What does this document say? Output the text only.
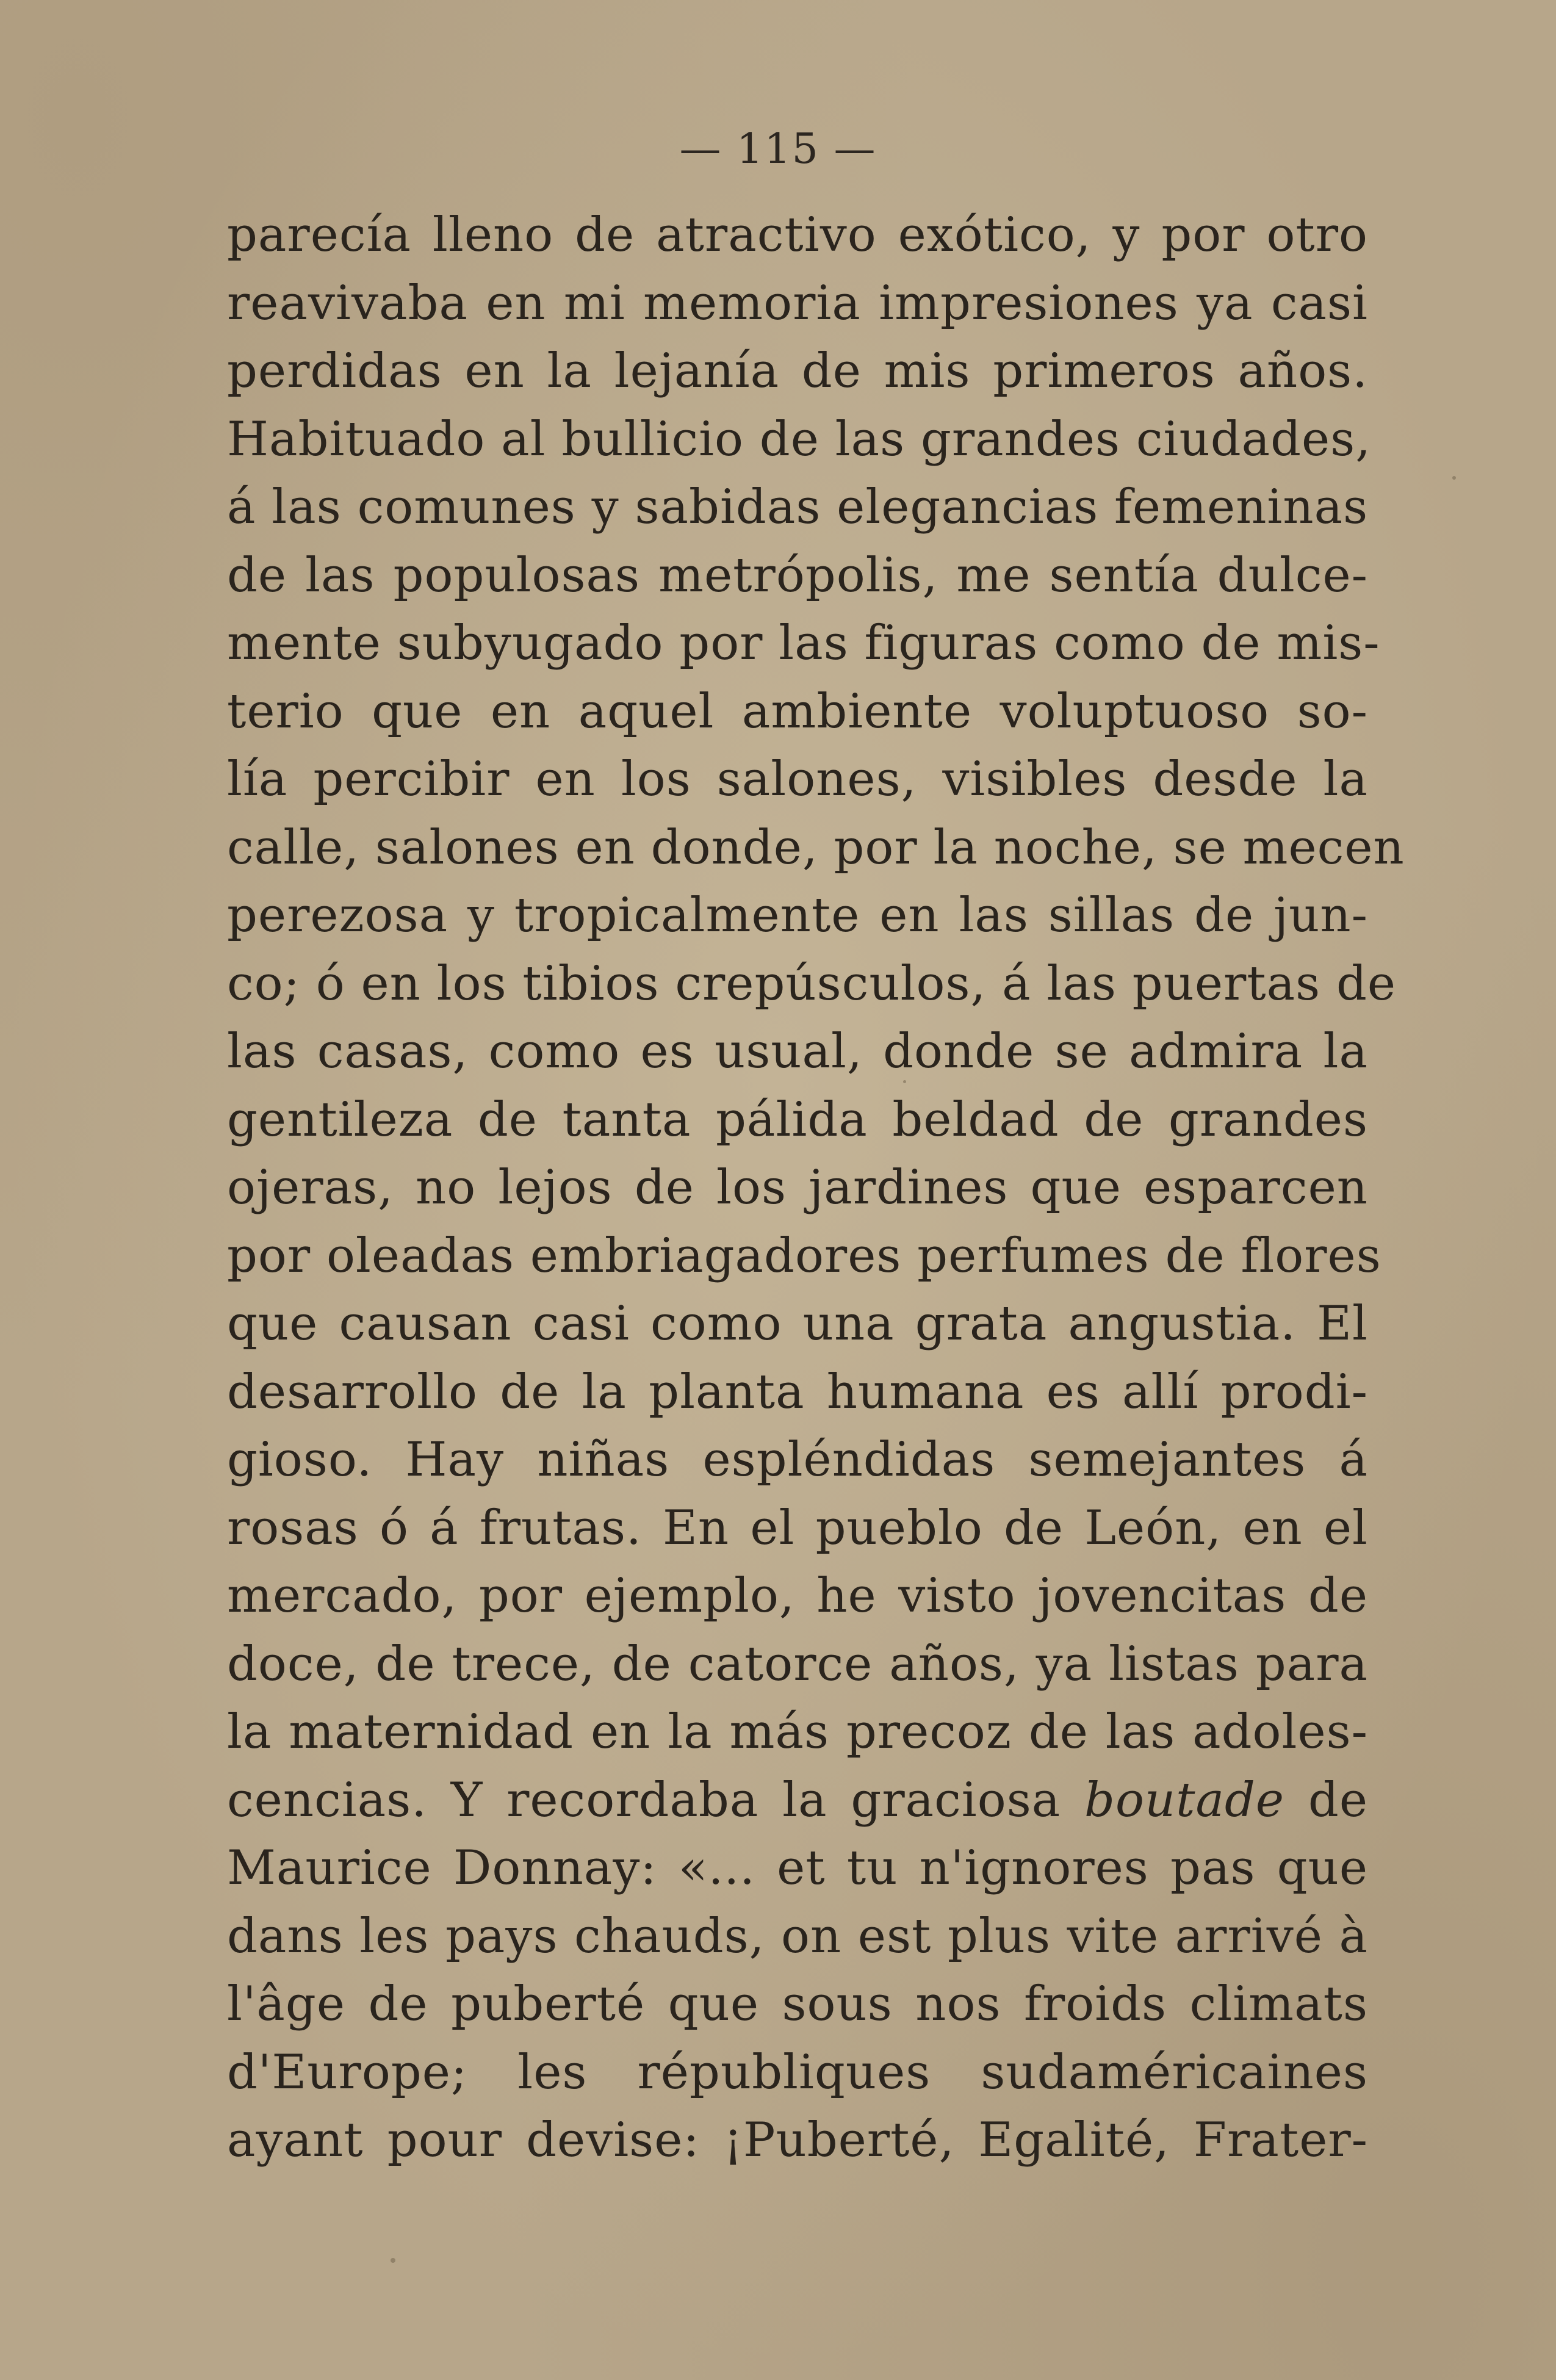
— 115 —
parecía lleno de atractivo exótico, y por otro
reavivaba en mi memoria impresiones ya casi
perdidas en la lejanía de mis primeros años.
Habituado al bullicio de las grandes ciudades,
á las comunes y sabidas elegancias femeninas
de las populosas metrópolis, me sentía dulce-
mente subyugado por las figuras como de mis-
terio que en aquel ambiente voluptuoso so-
lía percibir en los salones, visibles desde la
calle, salones en donde, por la noche, se mecen
perezosa y tropicalmente en las sillas de jun-
co; ó en los tibios crepúsculos, á las puertas de
las casas, como es usual, donde se admira la
gentileza de tanta pálida beldad de grandes
ojeras, no lejos de los jardines que esparcen
por oleadas embriagadores perfumes de flores
que causan casi como una grata angustia. El
desarrollo de la planta humana es allí prodi-
gioso. Hay niñas espléndidas semejantes á
rosas ó á frutas. En el pueblo de León, en el
mercado, por ejemplo, he visto jovencitas de
doce, de trece, de catorce años, ya listas para
la maternidad en la más precoz de las adoles-
cencias. Y recordaba la graciosa boutade de
Maurice Donnay: «... et tu n'ignores pas que
dans les pays chauds, on est plus vite arrivé à
l'âge de puberté que sous nos froids climats
d'Europe; les républiques sudaméricaines
ayant pour devise: ¡Puberté, Egalité, Frater-
